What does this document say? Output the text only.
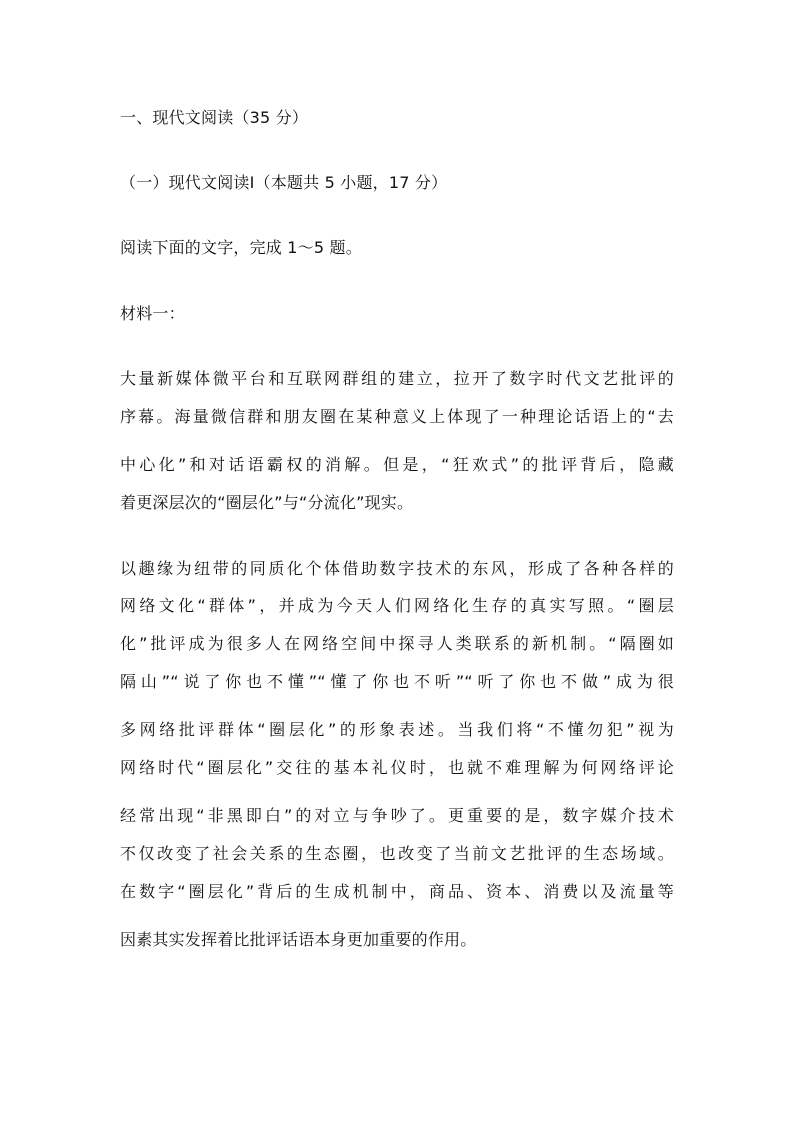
一、现代文阅读（35 分）
（一）现代文阅读Ⅰ（本题共 5 小题，17 分）
阅读下面的文字，完成 1～5 题。
材料一：
大量新媒体微平台和互联网群组的建立，拉开了数字时代文艺批评的
序幕。海量微信群和朋友圈在某种意义上体现了一种理论话语上的“去
中心化”和对话语霸权的消解。但是，“狂欢式”的批评背后，隐藏
着更深层次的“圈层化”与“分流化”现实。
以趣缘为纽带的同质化个体借助数字技术的东风，形成了各种各样的
网络文化“群体”，并成为今天人们网络化生存的真实写照。“圈层
化”批评成为很多人在网络空间中探寻人类联系的新机制。“隔圈如
隔山”“说了你也不懂”“懂了你也不听”“听了你也不做”成为很
多网络批评群体“圈层化”的形象表述。当我们将“不懂勿犯”视为
网络时代“圈层化”交往的基本礼仪时，也就不难理解为何网络评论
经常出现“非黑即白”的对立与争吵了。更重要的是，数字媒介技术
不仅改变了社会关系的生态圈，也改变了当前文艺批评的生态场域。
在数字“圈层化”背后的生成机制中，商品、资本、消费以及流量等
因素其实发挥着比批评话语本身更加重要的作用。
